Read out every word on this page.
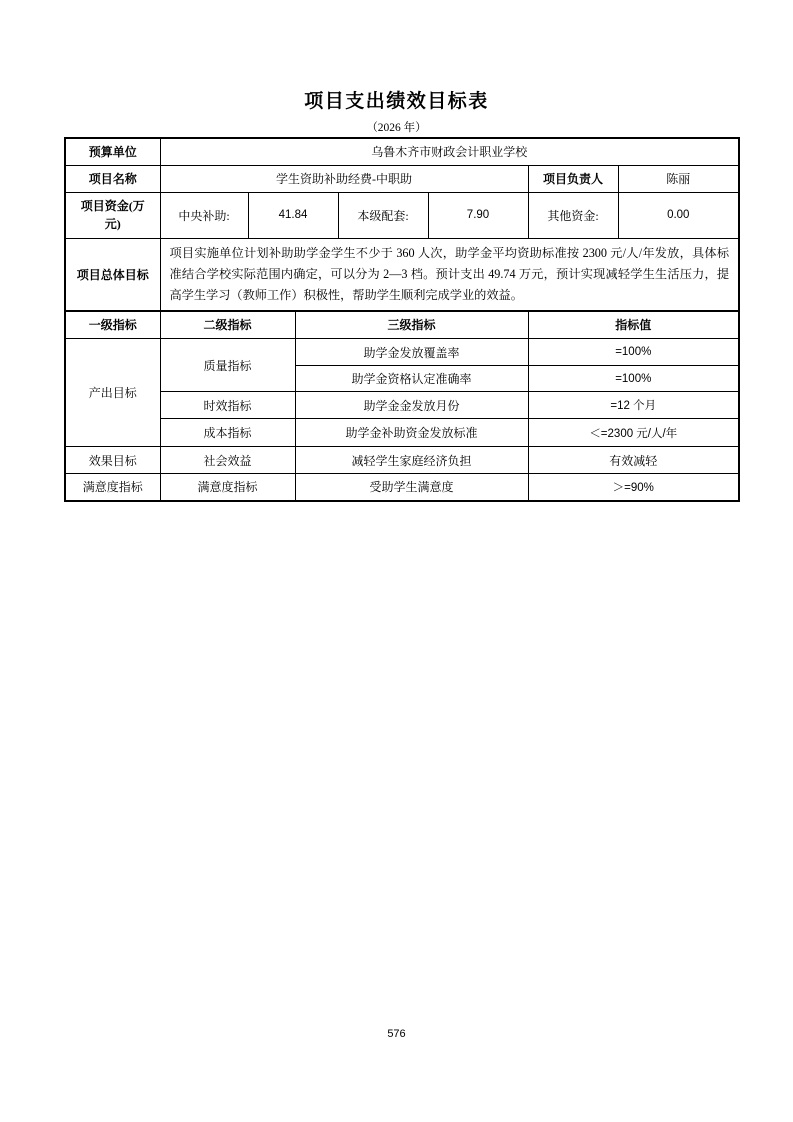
项目支出绩效目标表
（2026 年）
预算单位	乌鲁木齐市财政会计职业学校						
项目名称	学生资助补助经费-中职助					项目负责人	陈丽
项目资金(万元)	中央补助:	41.84		本级配套:	7.90	其他资金:	0.00
项目总体目标	项目实施单位计划补助助学金学生不少于 360 人次，助学金平均资助标准按 2300 元/人/年发放，具体标准结合学校实际范围内确定，可以分为 2—3 档。预计支出 49.74 万元，预计实现减轻学生生活压力，提高学生学习（教师工作）积极性，帮助学生顺利完成学业的效益。						
一级指标	二级指标		三级指标			指标值	
产出目标	质量指标		助学金发放覆盖率			=100%	
			助学金资格认定准确率			=100%	
	时效指标		助学金金发放月份			=12 个月	
	成本指标		助学金补助资金发放标准			＜=2300 元/人/年	
效果目标	社会效益		减轻学生家庭经济负担			有效减轻	
满意度指标	满意度指标		受助学生满意度			＞=90%	
576
